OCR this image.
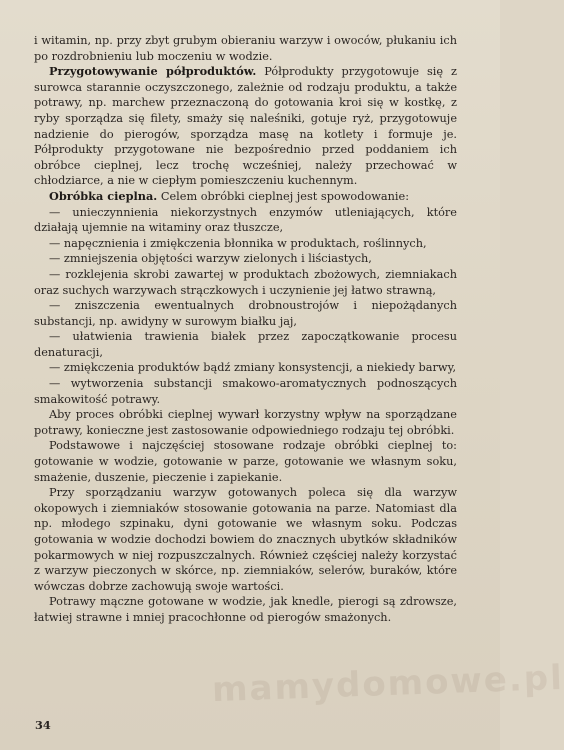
i witamin, np. przy zbyt grubym obieraniu warzyw i owoców, płukaniu ich po rozdrobnieniu lub moczeniu w wodzie.

Przygotowywanie półproduktów. Półprodukty przygotowuje się z surowca starannie oczyszczonego, zależnie od rodzaju produktu, a także potrawy, np. marchew przeznaczoną do gotowania kroi się w kostkę, z ryby sporządza się filety, smaży się naleśniki, gotuje ryż, przygotowuje nadzienie do pierogów, sporządza masę na kotlety i formuje je. Półprodukty przygotowane nie bezpośrednio przed poddaniem ich obróbce cieplnej, lecz trochę wcześniej, należy przechować w chłodziarce, a nie w ciepłym pomieszczeniu kuchennym.

Obróbka cieplna. Celem obróbki cieplnej jest spowodowanie:

— unieczynnienia niekorzystnych enzymów utleniających, które działają ujemnie na witaminy oraz tłuszcze,

— napęcznienia i zmiękczenia błonnika w produktach, roślinnych,

— zmniejszenia objętości warzyw zielonych i liściastych,

— rozklejenia skrobi zawartej w produktach zbożowych, ziemniakach oraz suchych warzywach strączkowych i uczynienie jej łatwo strawną,

— zniszczenia ewentualnych drobnoustrojów i niepożądanych substancji, np. awidyny w surowym białku jaj,

— ułatwienia trawienia białek przez zapoczątkowanie procesu denaturacji,

— zmiękczenia produktów bądź zmiany konsystencji, a niekiedy barwy,

— wytworzenia substancji smakowo-aromatycznych podnoszących smakowitość potrawy.

Aby proces obróbki cieplnej wywarł korzystny wpływ na sporządzane potrawy, konieczne jest zastosowanie odpowiedniego rodzaju tej obróbki.

Podstawowe i najczęściej stosowane rodzaje obróbki cieplnej to: gotowanie w wodzie, gotowanie w parze, gotowanie we własnym soku, smażenie, duszenie, pieczenie i zapiekanie.

Przy sporządzaniu warzyw gotowanych poleca się dla warzyw okopowych i ziemniaków stosowanie gotowania na parze. Natomiast dla np. młodego szpinaku, dyni gotowanie we własnym soku. Podczas gotowania w wodzie dochodzi bowiem do znacznych ubytków składników pokarmowych w niej rozpuszczalnych. Również częściej należy korzystać z warzyw pieczonych w skórce, np. ziemniaków, selerów, buraków, które wówczas dobrze zachowują swoje wartości.

Potrawy mączne gotowane w wodzie, jak knedle, pierogi są zdrowsze, łatwiej strawne i mniej pracochłonne od pierogów smażonych.

mamydomowe.pl
34
